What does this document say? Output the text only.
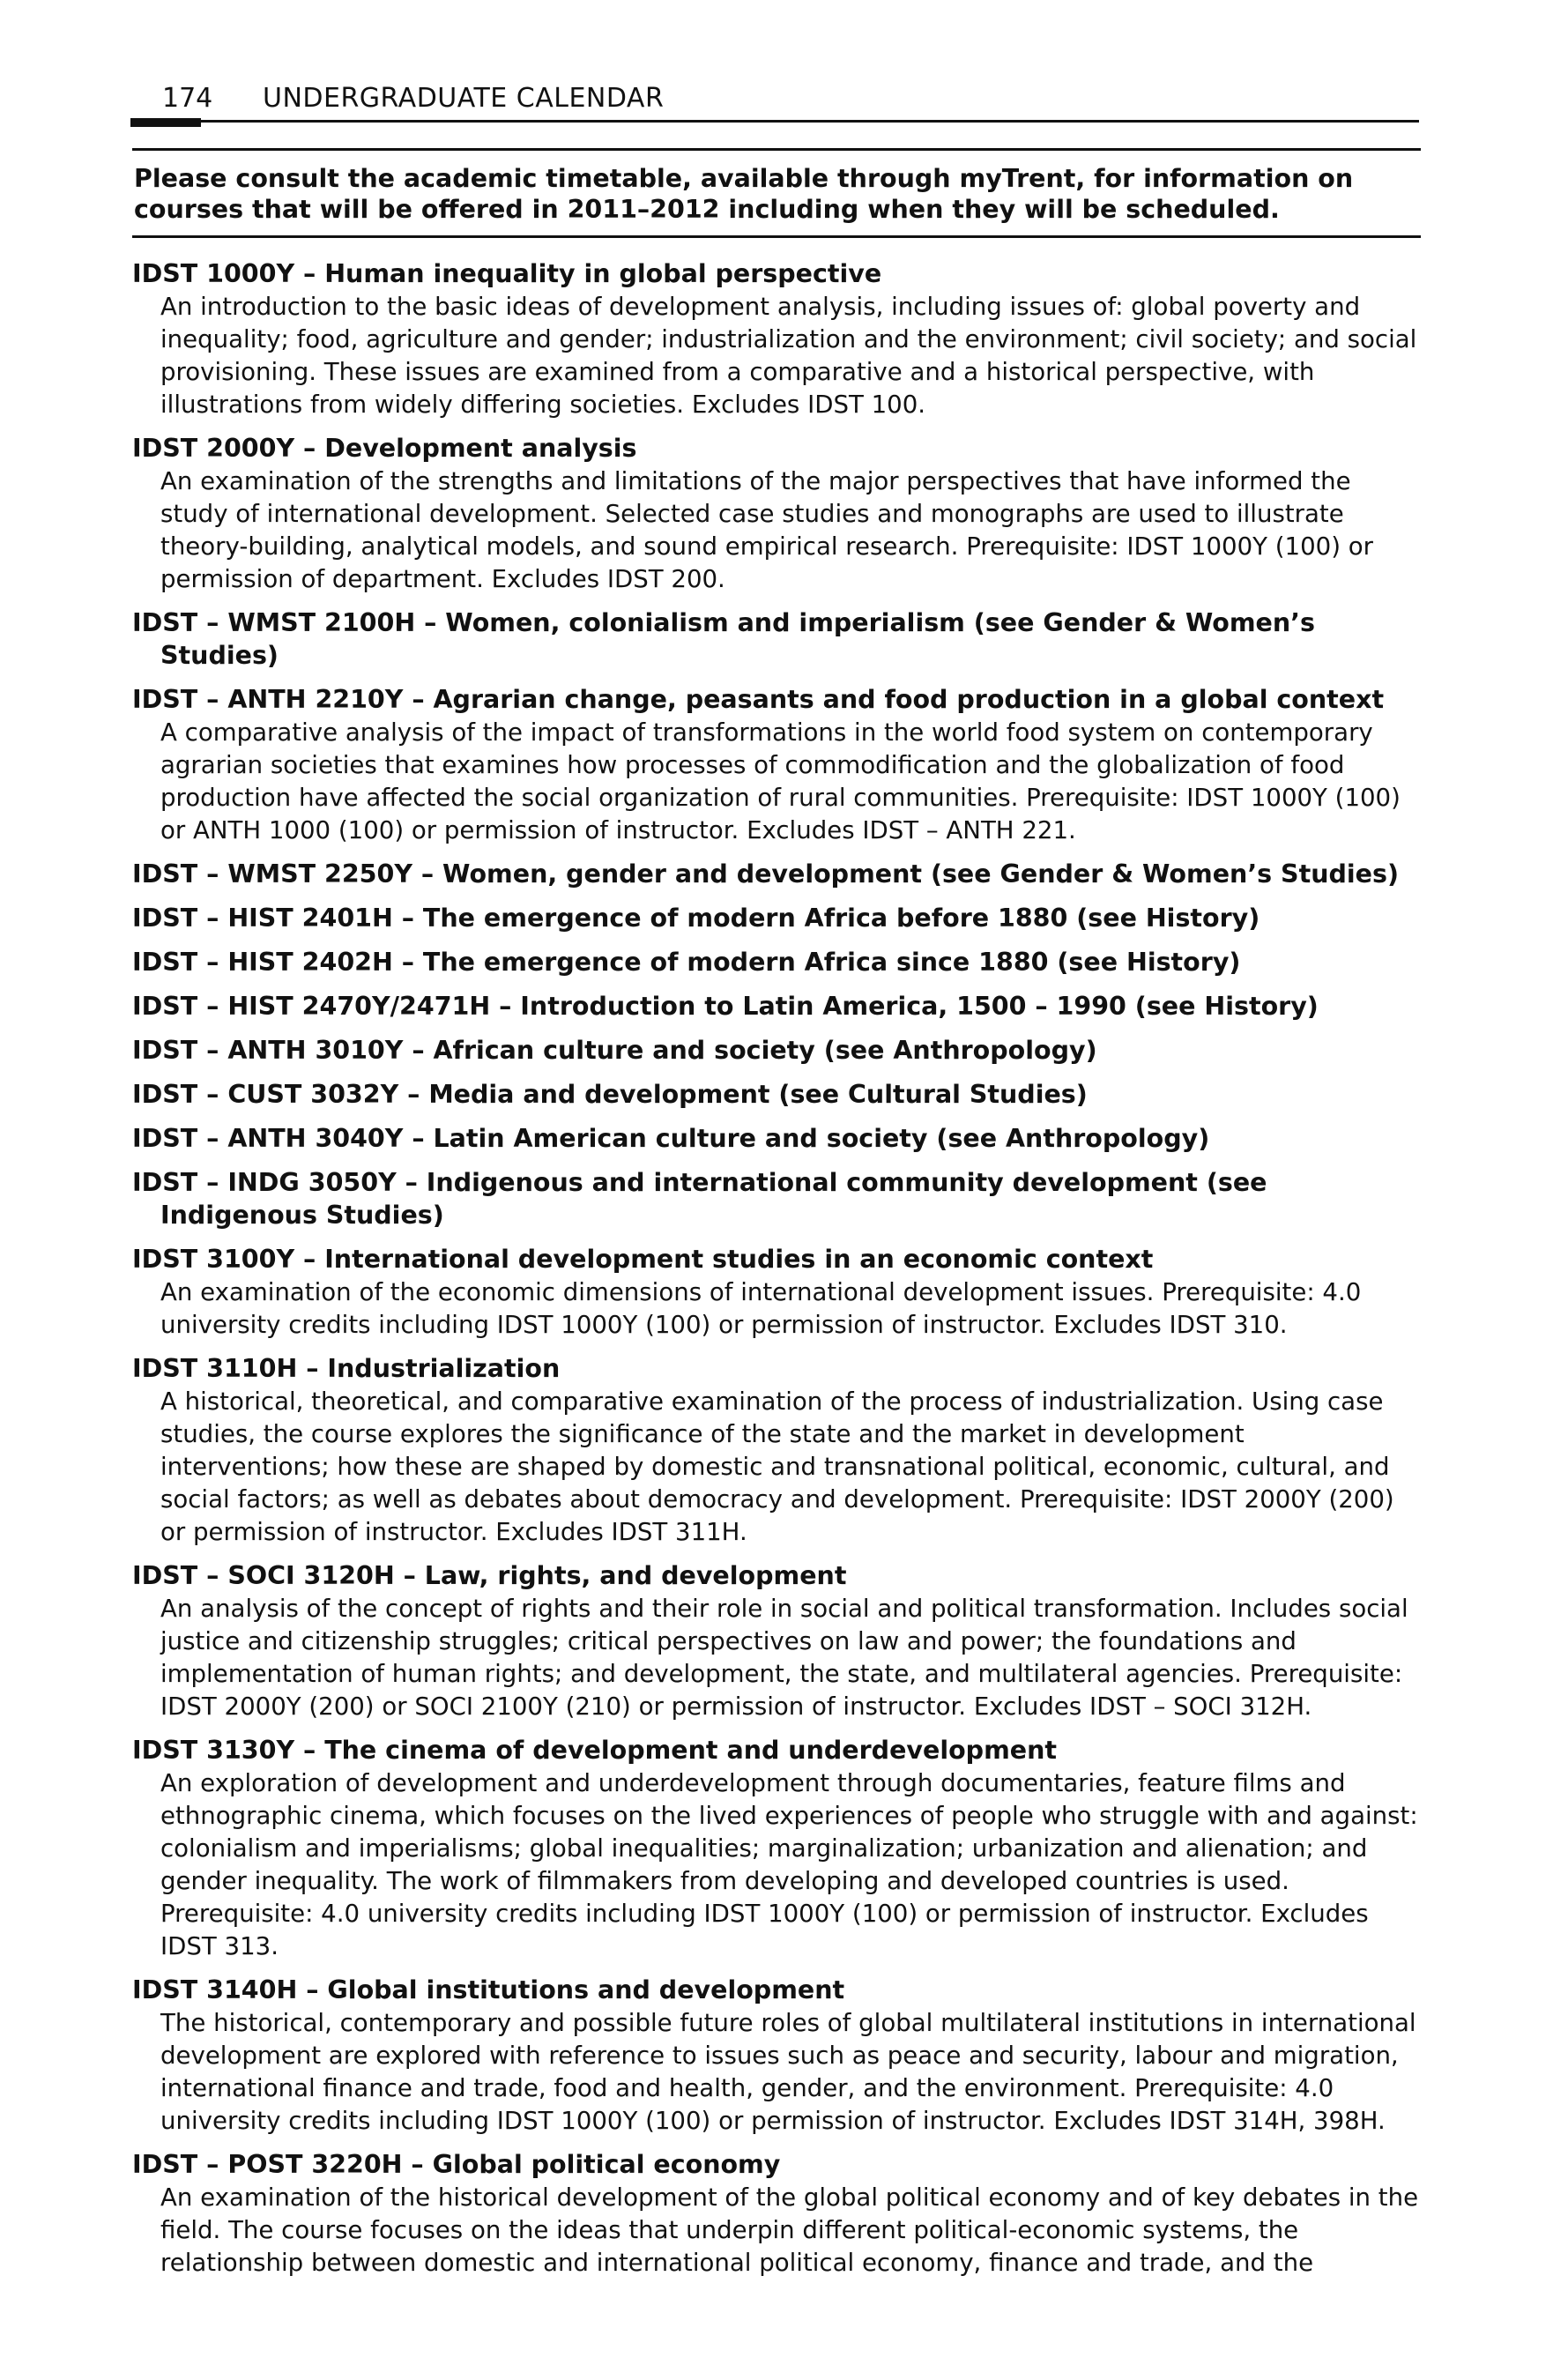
174 UNDERGRADUATE CALENDAR
Please consult the academic timetable, available through myTrent, for information on courses that will be offered in 2011–2012 including when they will be scheduled.
IDST 1000Y – Human inequality in global perspective
An introduction to the basic ideas of development analysis, including issues of: global poverty and inequality; food, agriculture and gender; industrialization and the environment; civil society; and social provisioning. These issues are examined from a comparative and a historical perspective, with illustrations from widely differing societies. Excludes IDST 100.
IDST 2000Y – Development analysis
An examination of the strengths and limitations of the major perspectives that have informed the study of international development. Selected case studies and monographs are used to illustrate theory-building, analytical models, and sound empirical research. Prerequisite: IDST 1000Y (100) or permission of department. Excludes IDST 200.
IDST – WMST 2100H – Women, colonialism and imperialism (see Gender & Women’s Studies)
IDST – ANTH 2210Y – Agrarian change, peasants and food production in a global context
A comparative analysis of the impact of transformations in the world food system on contemporary agrarian societies that examines how processes of commodification and the globalization of food production have affected the social organization of rural communities. Prerequisite: IDST 1000Y (100) or ANTH 1000 (100) or permission of instructor. Excludes IDST – ANTH 221.
IDST – WMST 2250Y – Women, gender and development (see Gender & Women’s Studies)
IDST – HIST 2401H – The emergence of modern Africa before 1880 (see History)
IDST – HIST 2402H – The emergence of modern Africa since 1880 (see History)
IDST – HIST 2470Y/2471H – Introduction to Latin America, 1500 – 1990 (see History)
IDST – ANTH 3010Y – African culture and society (see Anthropology)
IDST – CUST 3032Y – Media and development (see Cultural Studies)
IDST – ANTH 3040Y – Latin American culture and society (see Anthropology)
IDST – INDG 3050Y – Indigenous and international community development (see Indigenous Studies)
IDST 3100Y – International development studies in an economic context
An examination of the economic dimensions of international development issues. Prerequisite: 4.0 university credits including IDST 1000Y (100) or permission of instructor. Excludes IDST 310.
IDST 3110H – Industrialization
A historical, theoretical, and comparative examination of the process of industrialization. Using case studies, the course explores the significance of the state and the market in development interventions; how these are shaped by domestic and transnational political, economic, cultural, and social factors; as well as debates about democracy and development. Prerequisite: IDST 2000Y (200) or permission of instructor. Excludes IDST 311H.
IDST – SOCI 3120H – Law, rights, and development
An analysis of the concept of rights and their role in social and political transformation. Includes social justice and citizenship struggles; critical perspectives on law and power; the foundations and implementation of human rights; and development, the state, and multilateral agencies. Prerequisite: IDST 2000Y (200) or SOCI 2100Y (210) or permission of instructor. Excludes IDST – SOCI 312H.
IDST 3130Y – The cinema of development and underdevelopment
An exploration of development and underdevelopment through documentaries, feature films and ethnographic cinema, which focuses on the lived experiences of people who struggle with and against: colonialism and imperialisms; global inequalities; marginalization; urbanization and alienation; and gender inequality. The work of filmmakers from developing and developed countries is used. Prerequisite: 4.0 university credits including IDST 1000Y (100) or permission of instructor. Excludes IDST 313.
IDST 3140H – Global institutions and development
The historical, contemporary and possible future roles of global multilateral institutions in international development are explored with reference to issues such as peace and security, labour and migration, international finance and trade, food and health, gender, and the environment. Prerequisite: 4.0 university credits including IDST 1000Y (100) or permission of instructor. Excludes IDST 314H, 398H.
IDST – POST 3220H – Global political economy
An examination of the historical development of the global political economy and of key debates in the field. The course focuses on the ideas that underpin different political-economic systems, the relationship between domestic and international political economy, finance and trade, and the
